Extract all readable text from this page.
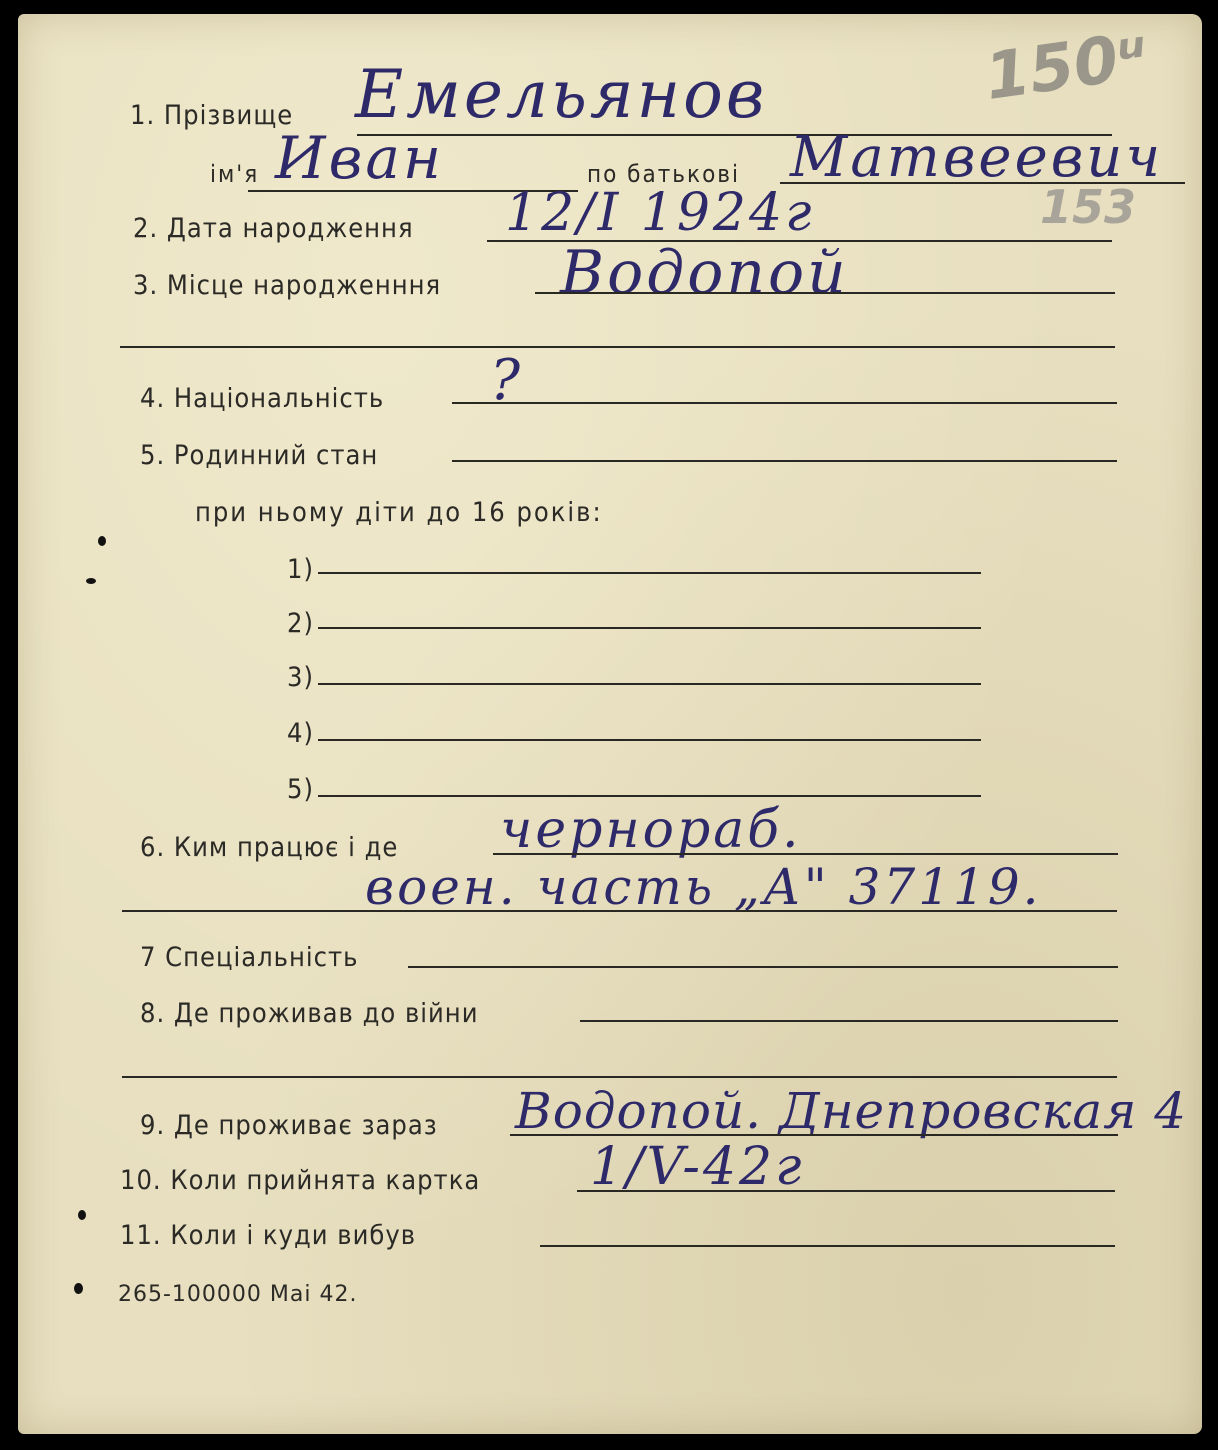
150ᵘ
153
1. Прізвище Емельянов
ім'я Иван	по батькові Матвеевич
2. Дата народження 12/I 1924г
3. Місце народженння Водопой
4. Національність ?
5. Родинний стан
при ньому діти до 16 років:
1)
2)
3)
4)
5)
6. Ким працює і де чернораб.
воен. часть „А" 37119.
7 Спеціальність
8. Де проживав до війни
9. Де проживає зараз Водопой. Днепровская 4
10. Коли прийнята картка 1/V-42г
11. Коли і куди вибув
265-100000 Mai 42.
